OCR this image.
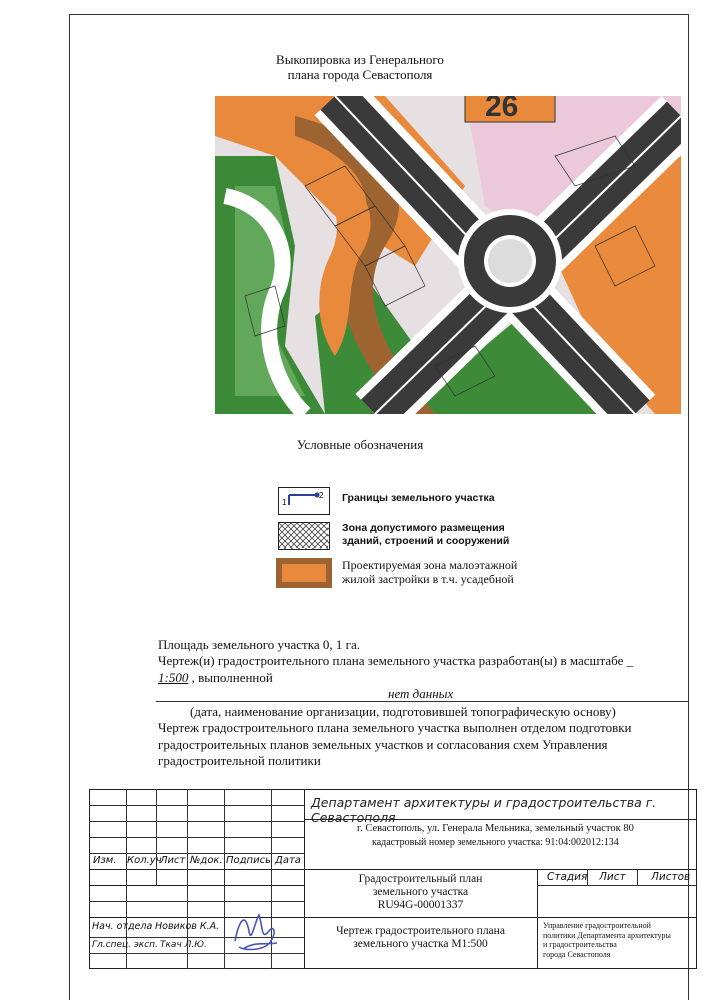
Выкопировка из Генерального
плана города Севастополя
26
Условные обозначения
1
2 Границы земельного участка
Зона допустимого размещения
зданий, строений и сооружений
Проектируемая зона малоэтажной
жилой застройки в т.ч. усадебной
Площадь земельного участка 0, 1 га.
Чертеж(и) градостроительного плана земельного участка разработан(ы) в масштабе _
1:500 , выполненной
нет данных
(дата, наименование организации, подготовившей топографическую основу)
Чертеж градостроительного плана земельного участка выполнен отделом подготовки
градостроительных планов земельных участков и согласования схем Управления
градостроительной политики
Департамент архитектуры и градостроительства г. Севастополя
г. Севастополь, ул. Генерала Мельника, земельный участок 80
кадастровый номер земельного участка: 91:04:002012:134
Изм. Кол.уч
Лист №док. Подпись Дата
Градостроительный план
земельного участка
RU94G-00001337
Стадия Лист Листов
Чертеж градостроительного плана
земельного участка М1:500
Управление градостроительной
политики Департамента архитектуры
и градостроительства
города Севастополя
Нач. отдела Новиков К.А.
Гл.спец. эксп. Ткач Л.Ю.
